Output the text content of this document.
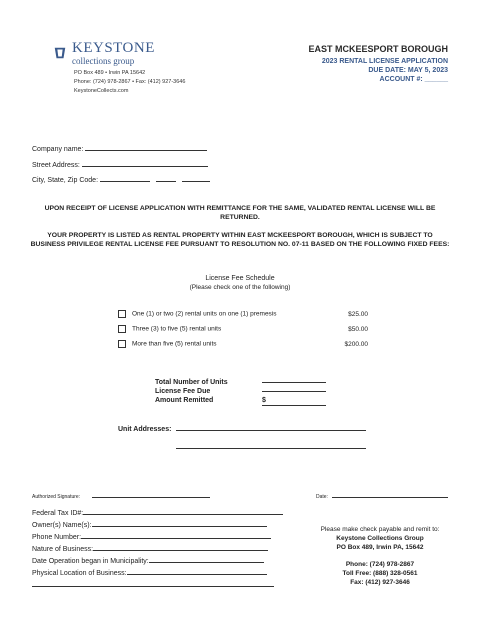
KEYSTONE
collections group
PO Box 489 • Irwin PA 15642
Phone: (724) 978-2867 • Fax: (412) 927-3646
KeystoneCollects.com
EAST MCKEESPORT BOROUGH
2023 RENTAL LICENSE APPLICATION
DUE DATE: MAY 5, 2023
ACCOUNT #: ______
Company name:
Street Address:
City, State, Zip Code:
UPON RECEIPT OF LICENSE APPLICATION WITH REMITTANCE FOR THE SAME, VALIDATED RENTAL LICENSE WILL BE RETURNED.
YOUR PROPERTY IS LISTED AS RENTAL PROPERTY WITHIN EAST MCKEESPORT BOROUGH, WHICH IS SUBJECT TO BUSINESS PRIVILEGE RENTAL LICENSE FEE PURSUANT TO RESOLUTION NO. 07-11 BASED ON THE FOLLOWING FIXED FEES:
License Fee Schedule
(Please check one of the following)
One (1) or two (2) rental units on one (1) premesis	$25.00
Three (3) to five (5) rental units	$50.00
More than five (5) rental units	$200.00
Total Number of Units
License Fee Due
Amount Remitted	$
Unit Addresses:
Authorized Signature:	Date:
Federal Tax ID#:
Owner(s) Name(s):
Phone Number:
Nature of Business:
Date Operation began in Municipality:
Physical Location of Business:
Please make check payable and remit to:
Keystone Collections Group
PO Box 489, Irwin PA, 15642
Phone: (724) 978-2867
Toll Free: (888) 328-0561
Fax: (412) 927-3646
